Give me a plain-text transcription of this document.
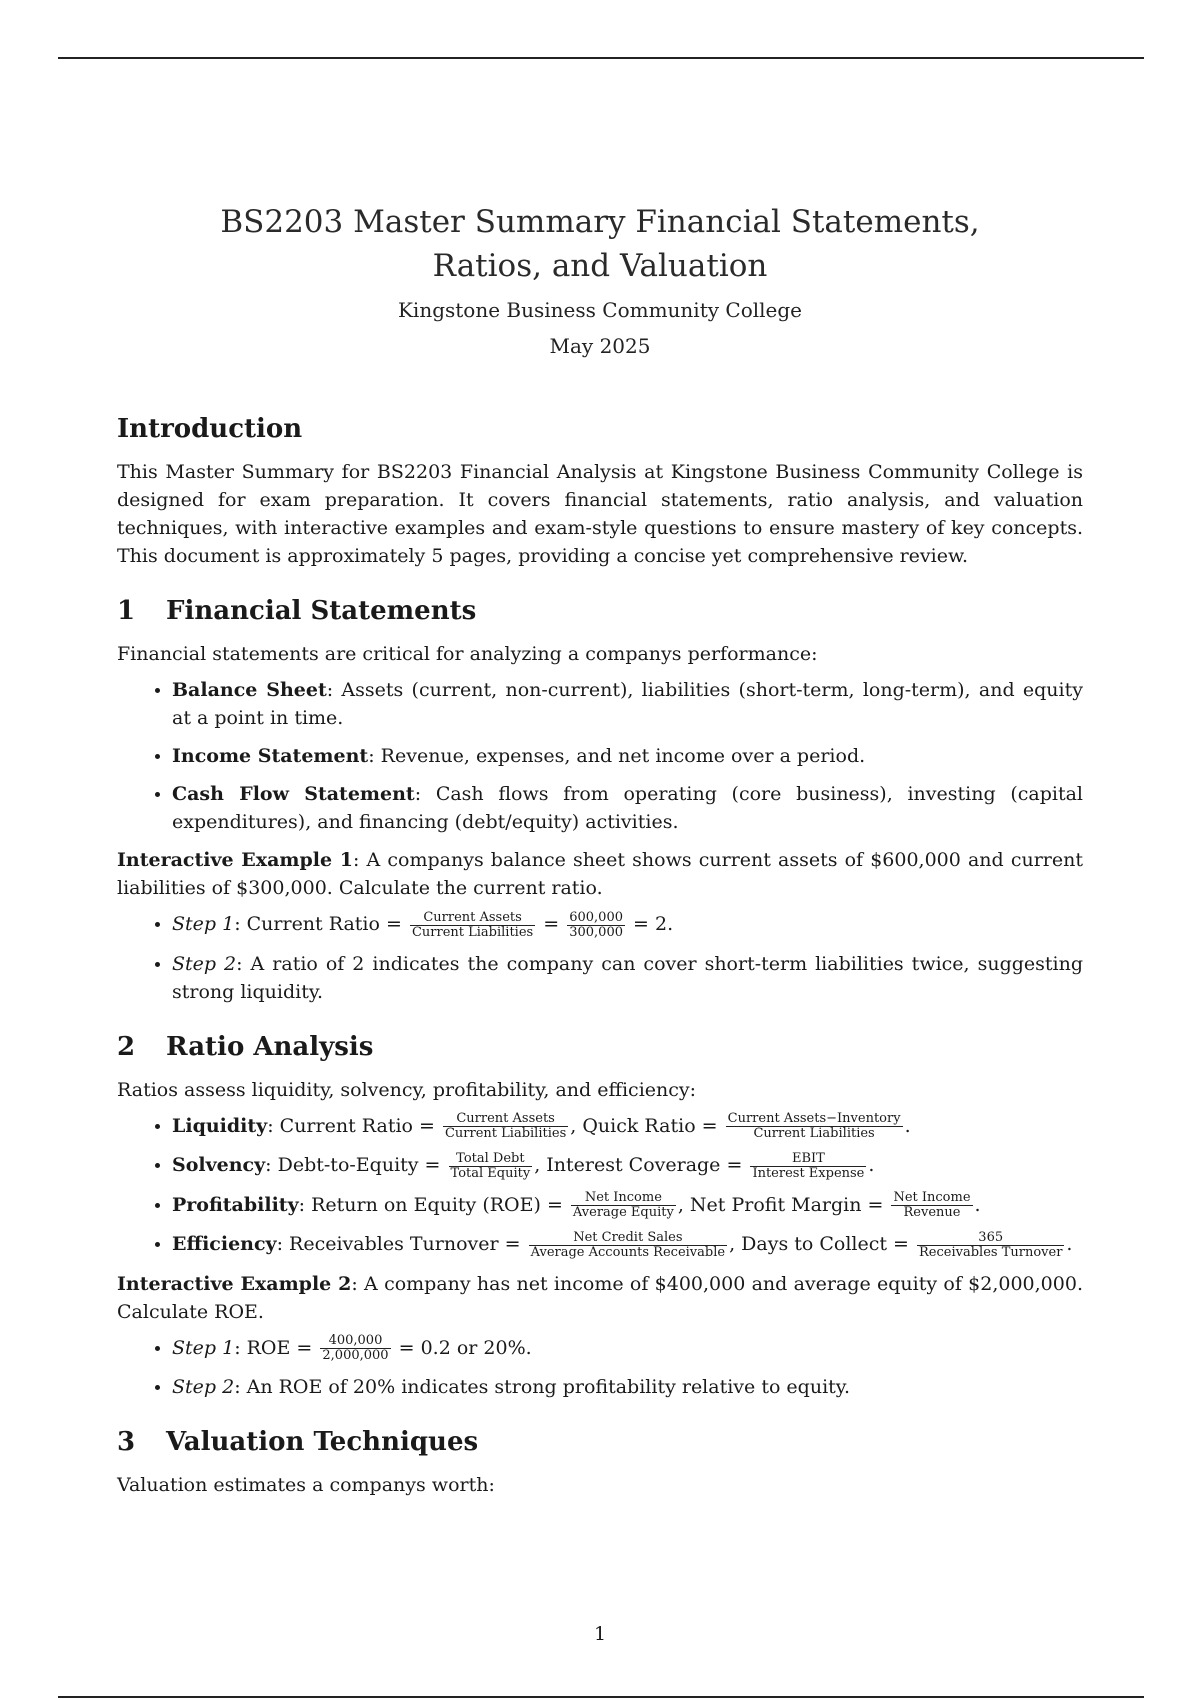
BS2203 Master Summary Financial Statements, Ratios, and Valuation
Kingstone Business Community College
May 2025
Introduction

This Master Summary for BS2203 Financial Analysis at Kingstone Business Community College is designed for exam preparation. It covers financial statements, ratio analysis, and valuation techniques, with interactive examples and exam-style questions to ensure mastery of key concepts. This document is approximately 5 pages, providing a concise yet comprehensive review.

1 Financial Statements

Financial statements are critical for analyzing a companys performance:

• Balance Sheet: Assets (current, non-current), liabilities (short-term, long-term), and equity at a point in time.
• Income Statement: Revenue, expenses, and net income over a period.
• Cash Flow Statement: Cash flows from operating (core business), investing (capital expenditures), and financing (debt/equity) activities.

Interactive Example 1: A companys balance sheet shows current assets of $600,000 and current liabilities of $300,000. Calculate the current ratio.

• Step 1: Current Ratio = $\frac{\text{Current Assets}}{\text{Current Liabilities}} = \frac{600,000}{300,000} = 2$.
• Step 2: A ratio of 2 indicates the company can cover short-term liabilities twice, suggesting strong liquidity.
2 Ratio Analysis

Ratios assess liquidity, solvency, profitability, and efficiency:

• Liquidity: Current Ratio = $\frac{\text{Current Assets}}{\text{Current Liabilities}}$ , Quick Ratio = $\frac{\text{Current Assets−Inventory}}{\text{Current Liabilities}}$ .
• Solvency: Debt-to-Equity = $\frac{\text{Total Debt}}{\text{Total Equity}}$ , Interest Coverage = $\frac{\text{EBIT}}{\text{Interest Expense}}$ .
• Profitability: Return on Equity $(ROE) = \frac{\text{Net Income}}{\text{Average Equity}}$ , Net Profit Margin = $\frac{\text{Net Income}}{\text{Revenue}}$ .
• Efficiency: Receivables Turnover = $\frac{\text{Net Credit Sales}}{\text{Average Accounts Receivable}}$ , Days to Collect = $\frac{365}{\text{Receivables Turnover}}$ .

Interactive Example 2: A company has net income of $400,000 and average equity of $2,000,000. Calculate ROE.

• Step 1: ROE = $\frac{400,000}{2,000,000} = 0.2$ or 20%.
• Step 2: An ROE of 20% indicates strong profitability relative to equity.
3 Valuation Techniques

Valuation estimates a companys worth:

1
